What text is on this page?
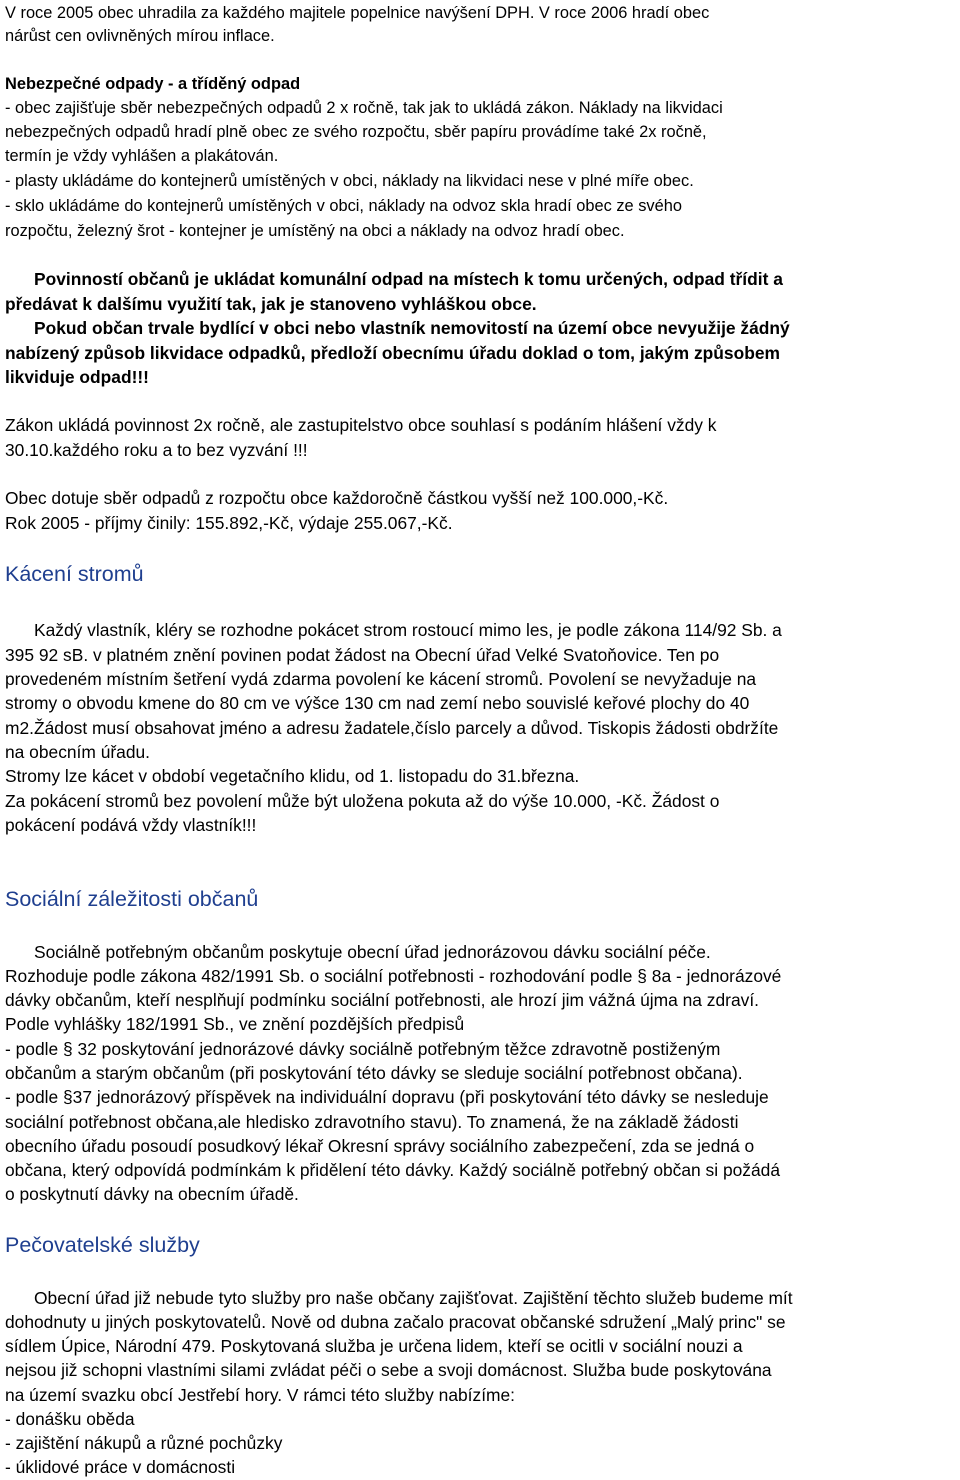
V roce 2005 obec uhradila za každého majitele popelnice navýšení DPH. V roce 2006 hradí obec
nárůst cen ovlivněných mírou inflace.
Nebezpečné odpady - a tříděný odpad
- obec zajišťuje sběr nebezpečných odpadů 2 x ročně, tak jak to ukládá zákon. Náklady na likvidaci
nebezpečných odpadů hradí plně obec ze svého rozpočtu, sběr papíru provádíme také 2x ročně,
termín je vždy vyhlášen a plakátován.
- plasty ukládáme do kontejnerů umístěných v obci, náklady na likvidaci nese v plné míře obec.
- sklo ukládáme do kontejnerů umístěných v obci, náklady na odvoz skla hradí obec ze svého
rozpočtu, železný šrot - kontejner je umístěný na obci a náklady na odvoz hradí obec.
Povinností občanů je ukládat komunální odpad na místech k tomu určených, odpad třídit a
předávat k dalšímu využití tak, jak je stanoveno vyhláškou obce.
Pokud občan trvale bydlící v obci nebo vlastník nemovitostí na území obce nevyužije žádný
nabízený způsob likvidace odpadků, předloží obecnímu úřadu doklad o tom, jakým způsobem
likviduje odpad!!!
Zákon ukládá povinnost 2x ročně, ale zastupitelstvo obce souhlasí s podáním hlášení vždy k
30.10.každého roku a to bez vyzvání !!!
Obec dotuje sběr odpadů z rozpočtu obce každoročně částkou vyšší než 100.000,-Kč.
Rok 2005 - příjmy činily: 155.892,-Kč, výdaje 255.067,-Kč.
Kácení stromů
Každý vlastník, kléry se rozhodne pokácet strom rostoucí mimo les, je podle zákona 114/92 Sb. a
395 92 sB. v platném znění povinen podat žádost na Obecní úřad Velké Svatoňovice. Ten po
provedeném místním šetření vydá zdarma povolení ke kácení stromů. Povolení se nevyžaduje na
stromy o obvodu kmene do 80 cm ve výšce 130 cm nad zemí nebo souvislé keřové plochy do 40
m2.Žádost musí obsahovat jméno a adresu žadatele,číslo parcely a důvod. Tiskopis žádosti obdržíte
na obecním úřadu.
Stromy lze kácet v období vegetačního klidu, od 1. listopadu do 31.března.
Za pokácení stromů bez povolení může být uložena pokuta až do výše 10.000, -Kč. Žádost o
pokácení podává vždy vlastník!!!
Sociální záležitosti občanů
Sociálně potřebným občanům poskytuje obecní úřad jednorázovou dávku sociální péče.
Rozhoduje podle zákona 482/1991 Sb. o sociální potřebnosti - rozhodování podle § 8a - jednorázové
dávky občanům, kteří nesplňují podmínku sociální potřebnosti, ale hrozí jim vážná újma na zdraví.
Podle vyhlášky 182/1991 Sb., ve znění pozdějších předpisů
- podle § 32 poskytování jednorázové dávky sociálně potřebným těžce zdravotně postiženým
občanům a starým občanům (při poskytování této dávky se sleduje sociální potřebnost občana).
- podle §37 jednorázový příspěvek na individuální dopravu (při poskytování této dávky se nesleduje
sociální potřebnost občana,ale hledisko zdravotního stavu). To znamená, že na základě žádosti
obecního úřadu posoudí posudkový lékař Okresní správy sociálního zabezpečení, zda se jedná o
občana, který odpovídá podmínkám k přidělení této dávky. Každý sociálně potřebný občan si požádá
o poskytnutí dávky na obecním úřadě.
Pečovatelské služby
Obecní úřad již nebude tyto služby pro naše občany zajišťovat. Zajištění těchto služeb budeme mít
dohodnuty u jiných poskytovatelů. Nově od dubna začalo pracovat občanské sdružení „Malý princ" se
sídlem Úpice, Národní 479. Poskytovaná služba je určena lidem, kteří se ocitli v sociální nouzi a
nejsou již schopni vlastními silami zvládat péči o sebe a svoji domácnost. Služba bude poskytována
na území svazku obcí Jestřebí hory. V rámci této služby nabízíme:
- donášku oběda
- zajištění nákupů a různé pochůzky
- úklidové práce v domácnosti
